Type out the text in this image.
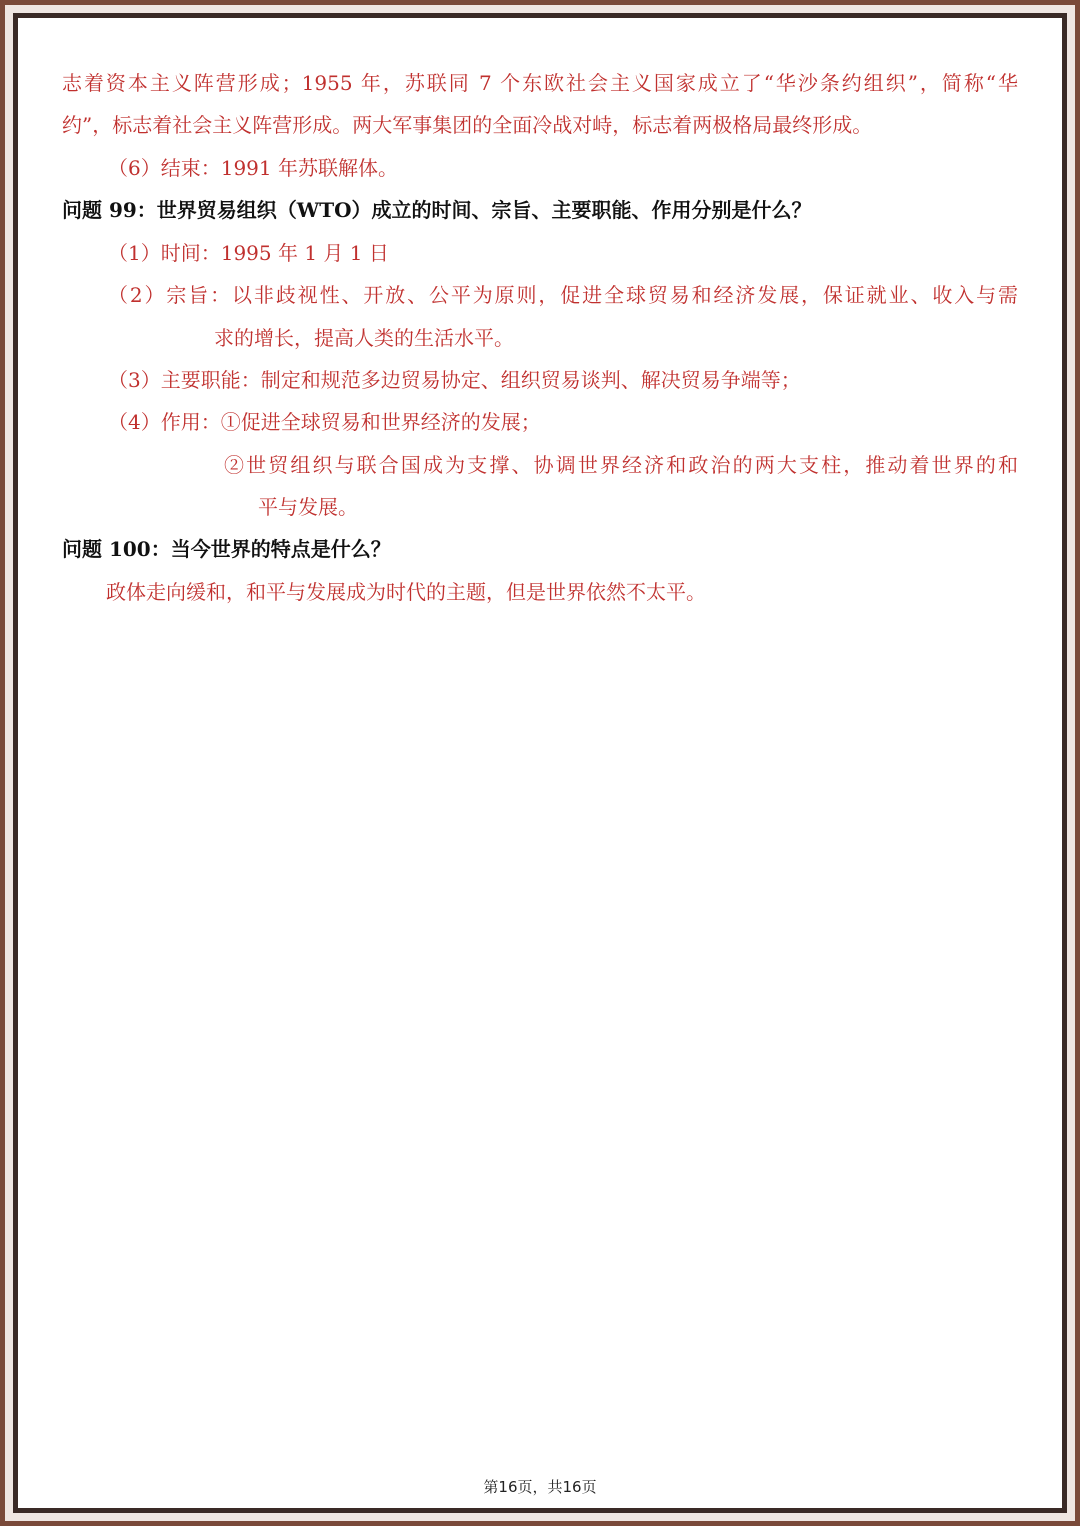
志着资本主义阵营形成；1955 年，苏联同 7 个东欧社会主义国家成立了“华沙条约组织”，简称“华
约”，标志着社会主义阵营形成。两大军事集团的全面冷战对峙，标志着两极格局最终形成。
（6）结束：1991 年苏联解体。
问题 99：世界贸易组织（WTO）成立的时间、宗旨、主要职能、作用分别是什么？
（1）时间：1995 年 1 月 1 日
（2）宗旨：以非歧视性、开放、公平为原则，促进全球贸易和经济发展，保证就业、收入与需
求的增长，提高人类的生活水平。
（3）主要职能：制定和规范多边贸易协定、组织贸易谈判、解决贸易争端等；
（4）作用：①促进全球贸易和世界经济的发展；
②世贸组织与联合国成为支撑、协调世界经济和政治的两大支柱，推动着世界的和
平与发展。
问题 100：当今世界的特点是什么？
政体走向缓和，和平与发展成为时代的主题，但是世界依然不太平。
第16页，共16页
